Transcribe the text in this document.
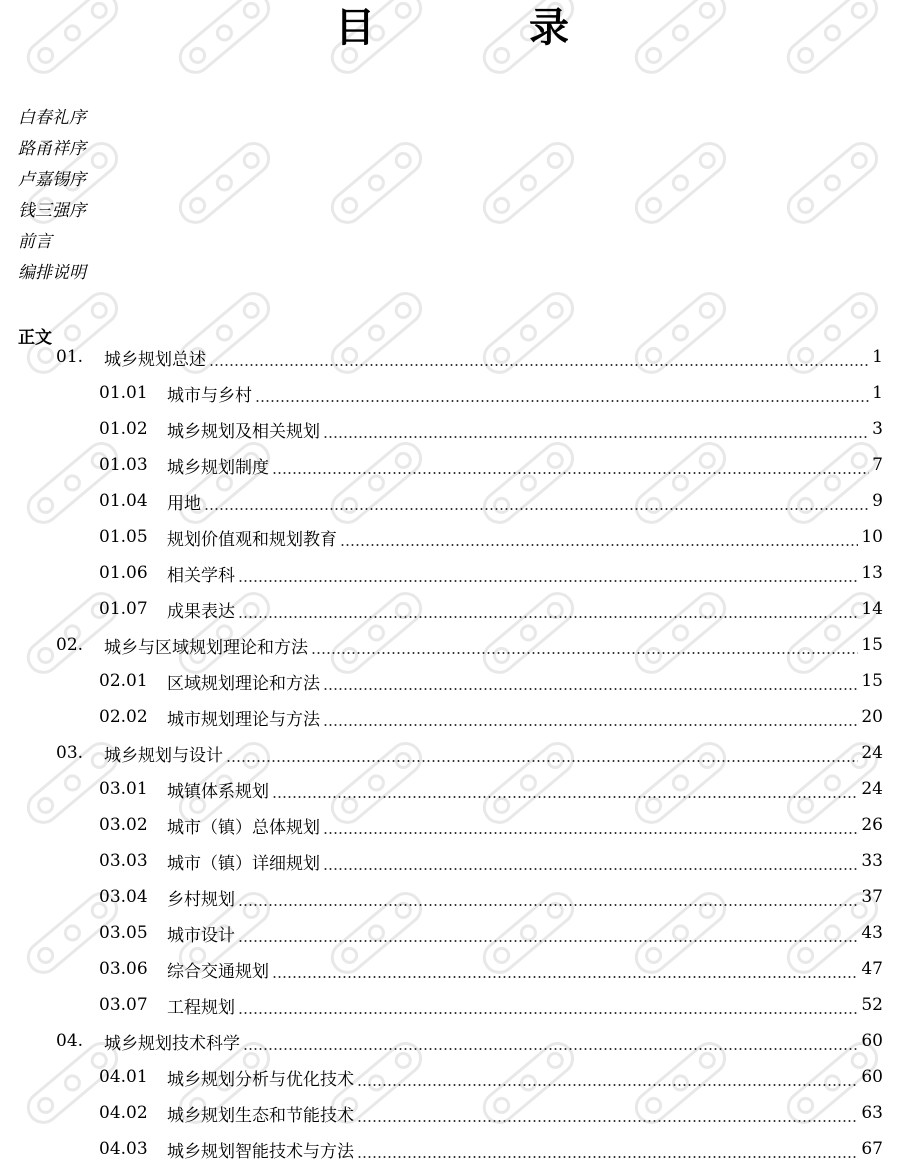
目 录
白春礼序
路甬祥序
卢嘉锡序
钱三强序
前言
编排说明
正文
01.	城乡规划总述	1
01.01	城市与乡村	1
01.02	城乡规划及相关规划	3
01.03	城乡规划制度	7
01.04	用地	9
01.05	规划价值观和规划教育	10
01.06	相关学科	13
01.07	成果表达	14
02.	城乡与区域规划理论和方法	15
02.01	区域规划理论和方法	15
02.02	城市规划理论与方法	20
03.	城乡规划与设计	24
03.01	城镇体系规划	24
03.02	城市（镇）总体规划	26
03.03	城市（镇）详细规划	33
03.04	乡村规划	37
03.05	城市设计	43
03.06	综合交通规划	47
03.07	工程规划	52
04.	城乡规划技术科学	60
04.01	城乡规划分析与优化技术	60
04.02	城乡规划生态和节能技术	63
04.03	城乡规划智能技术与方法	67
